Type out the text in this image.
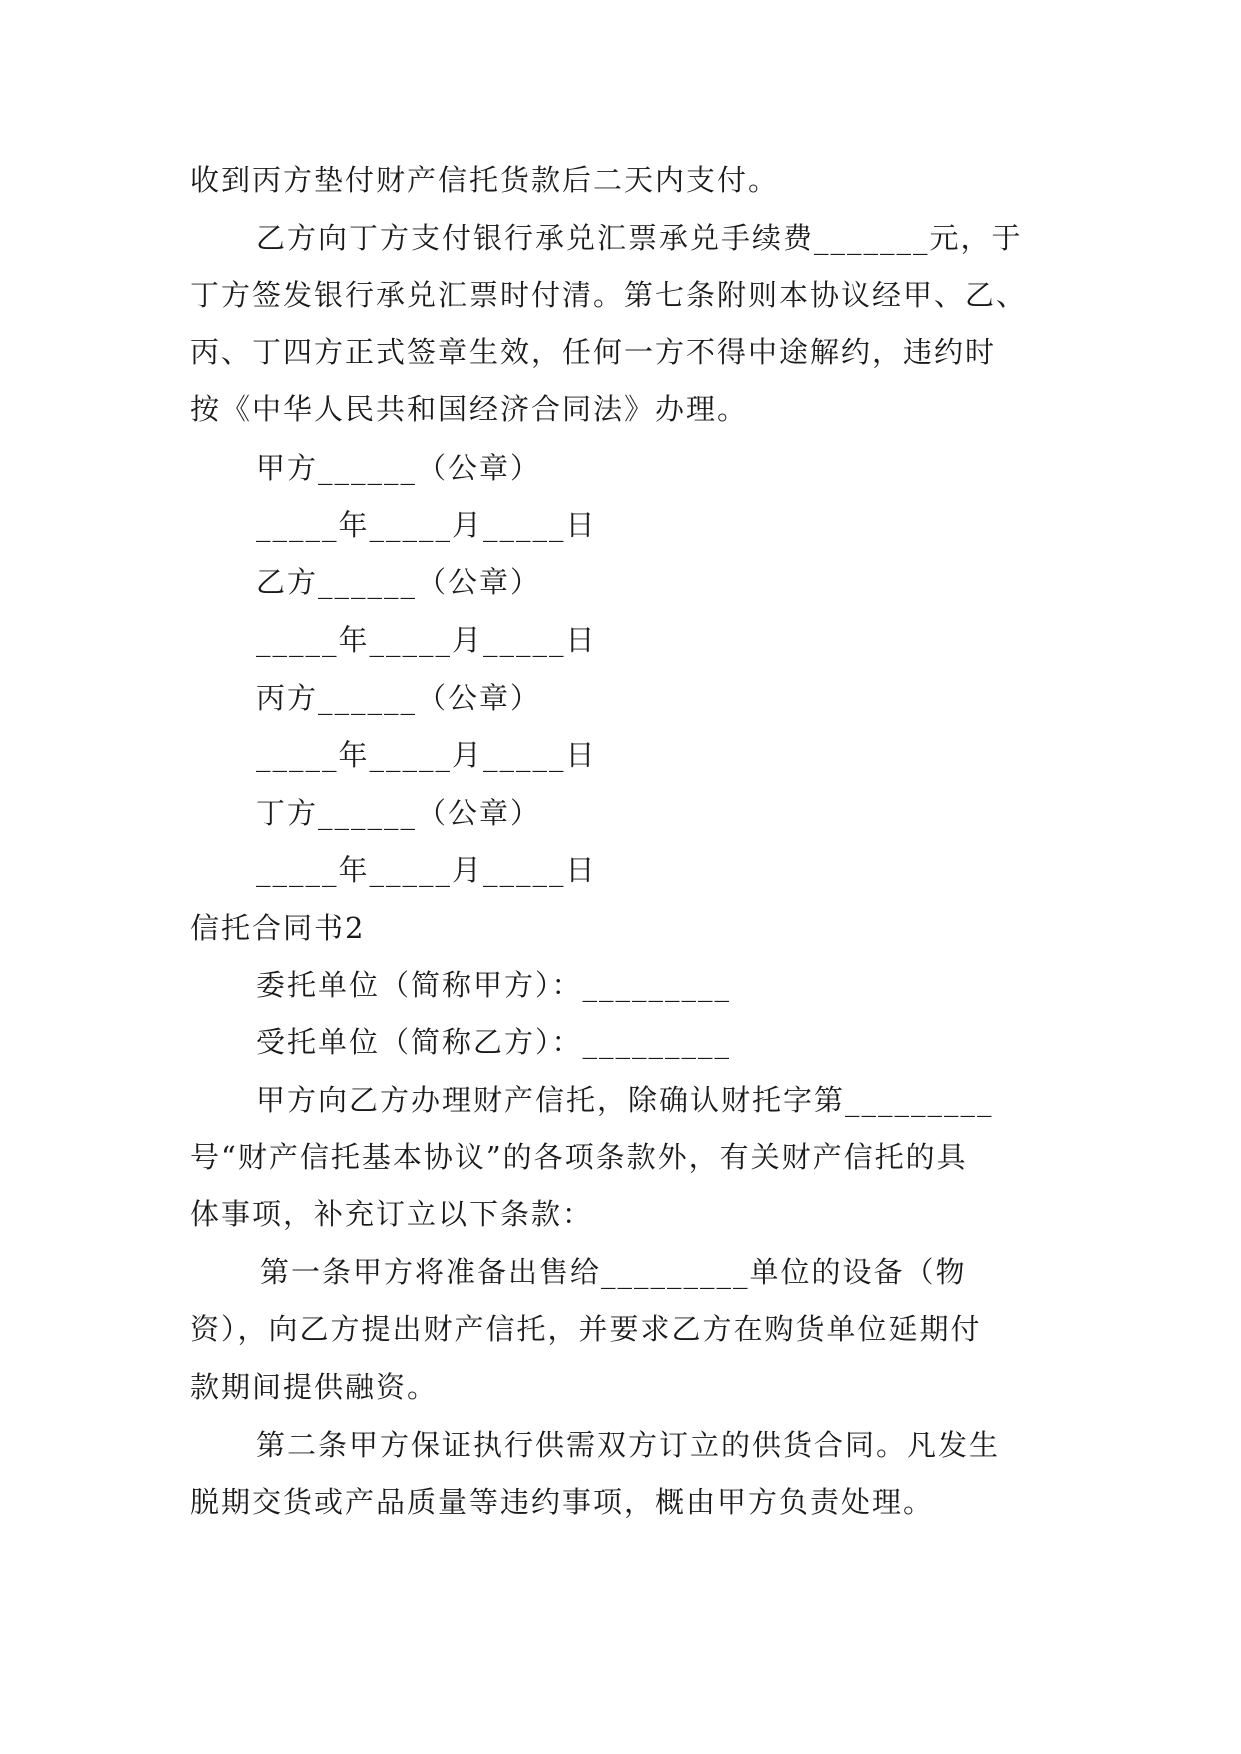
收到丙方垫付财产信托货款后二天内支付。
乙方向丁方支付银行承兑汇票承兑手续费_______元，于
丁方签发银行承兑汇票时付清。第七条附则本协议经甲、乙、
丙、丁四方正式签章生效，任何一方不得中途解约，违约时
按《中华人民共和国经济合同法》办理。
甲方______（公章）
_____年_____月_____日
乙方______（公章）
_____年_____月_____日
丙方______（公章）
_____年_____月_____日
丁方______（公章）
_____年_____月_____日
信托合同书2
委托单位（简称甲方）：_________
受托单位（简称乙方）：_________
甲方向乙方办理财产信托，除确认财托字第_________
号“财产信托基本协议”的各项条款外，有关财产信托的具
体事项，补充订立以下条款：
第一条甲方将准备出售给_________单位的设备（物
资），向乙方提出财产信托，并要求乙方在购货单位延期付
款期间提供融资。
第二条甲方保证执行供需双方订立的供货合同。凡发生
脱期交货或产品质量等违约事项，概由甲方负责处理。
